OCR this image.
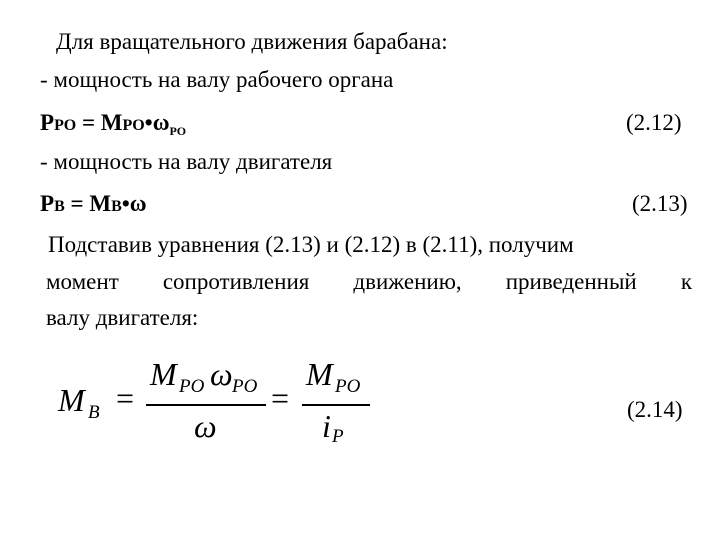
Для вращательного движения барабана:
- мощность на валу рабочего органа
PРО = $MРО•\omega_{РО}$	(2.12)
- мощность на валу двигателя
PВ = MВ•ω	(2.13)
Подставив уравнения (2.13) и (2.12) в (2.11), получим
момент сопротивления движению, приведенный к
валу двигателя:
M B =
M PO ω PO
ω
=
M PO
i P
(2.14)
